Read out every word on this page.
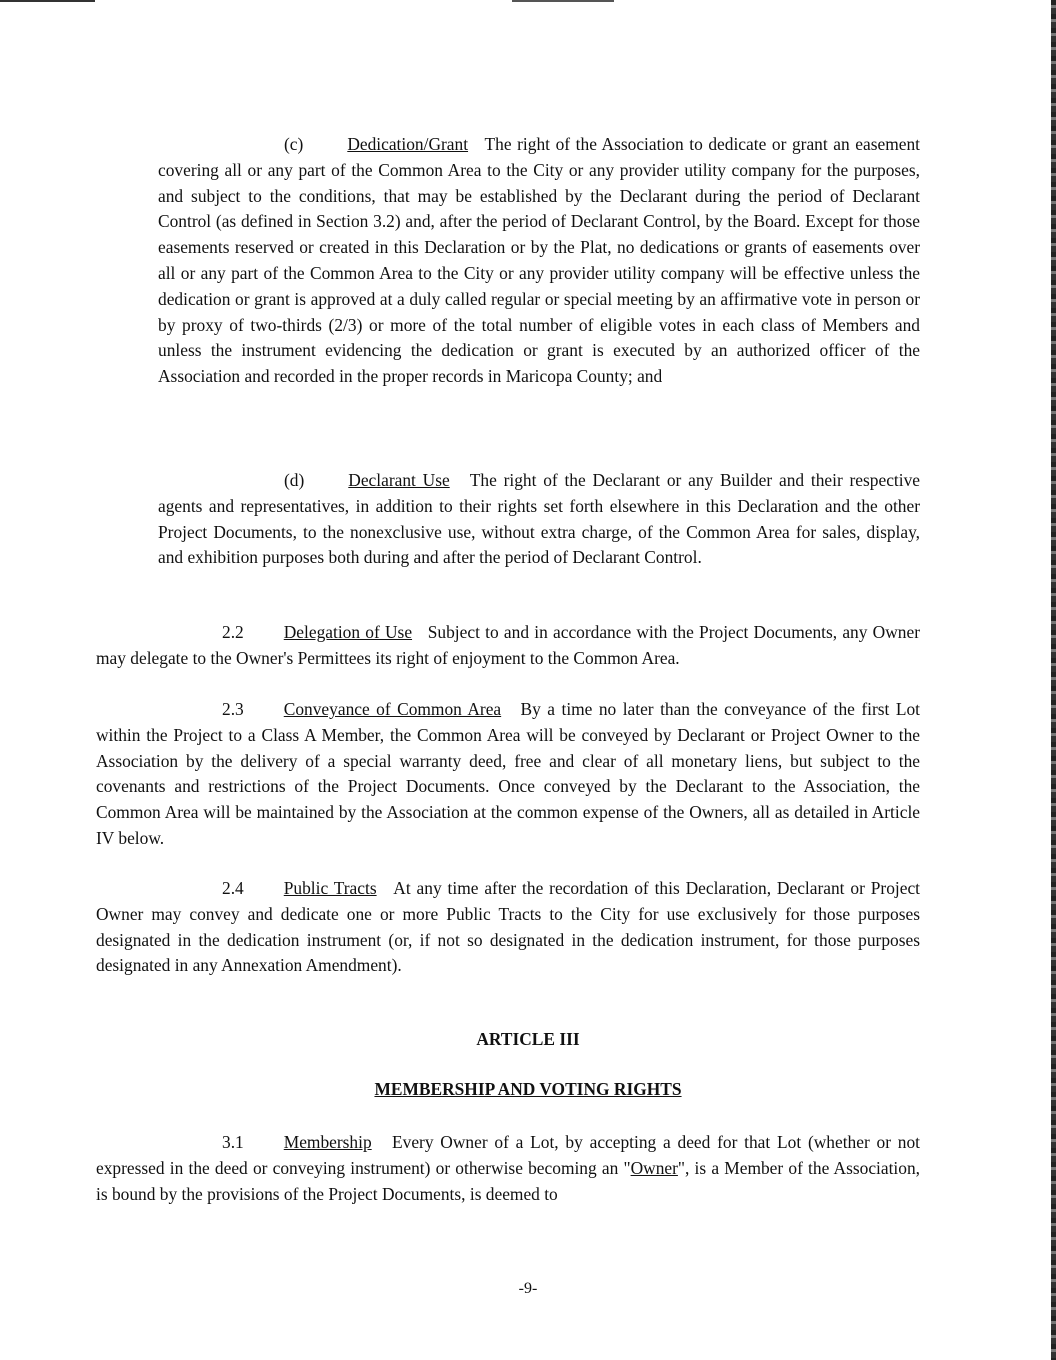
(c)	Dedication/Grant The right of the Association to dedicate or grant an easement covering all or any part of the Common Area to the City or any provider utility company for the purposes, and subject to the conditions, that may be established by the Declarant during the period of Declarant Control (as defined in Section 3.2) and, after the period of Declarant Control, by the Board. Except for those easements reserved or created in this Declaration or by the Plat, no dedications or grants of easements over all or any part of the Common Area to the City or any provider utility company will be effective unless the dedication or grant is approved at a duly called regular or special meeting by an affirmative vote in person or by proxy of two-thirds (2/3) or more of the total number of eligible votes in each class of Members and unless the instrument evidencing the dedication or grant is executed by an authorized officer of the Association and recorded in the proper records in Maricopa County; and

(d)	Declarant Use The right of the Declarant or any Builder and their respective agents and representatives, in addition to their rights set forth elsewhere in this Declaration and the other Project Documents, to the nonexclusive use, without extra charge, of the Common Area for sales, display, and exhibition purposes both during and after the period of Declarant Control.

2.2 Delegation of Use Subject to and in accordance with the Project Documents, any Owner may delegate to the Owner's Permittees its right of enjoyment to the Common Area.

2.3 Conveyance of Common Area By a time no later than the conveyance of the first Lot within the Project to a Class A Member, the Common Area will be conveyed by Declarant or Project Owner to the Association by the delivery of a special warranty deed, free and clear of all monetary liens, but subject to the covenants and restrictions of the Project Documents. Once conveyed by the Declarant to the Association, the Common Area will be maintained by the Association at the common expense of the Owners, all as detailed in Article IV below.

2.4 Public Tracts At any time after the recordation of this Declaration, Declarant or Project Owner may convey and dedicate one or more Public Tracts to the City for use exclusively for those purposes designated in the dedication instrument (or, if not so designated in the dedication instrument, for those purposes designated in any Annexation Amendment).

ARTICLE III
MEMBERSHIP AND VOTING RIGHTS

3.1 Membership Every Owner of a Lot, by accepting a deed for that Lot (whether or not expressed in the deed or conveying instrument) or otherwise becoming an "Owner", is a Member of the Association, is bound by the provisions of the Project Documents, is deemed to

-9-
